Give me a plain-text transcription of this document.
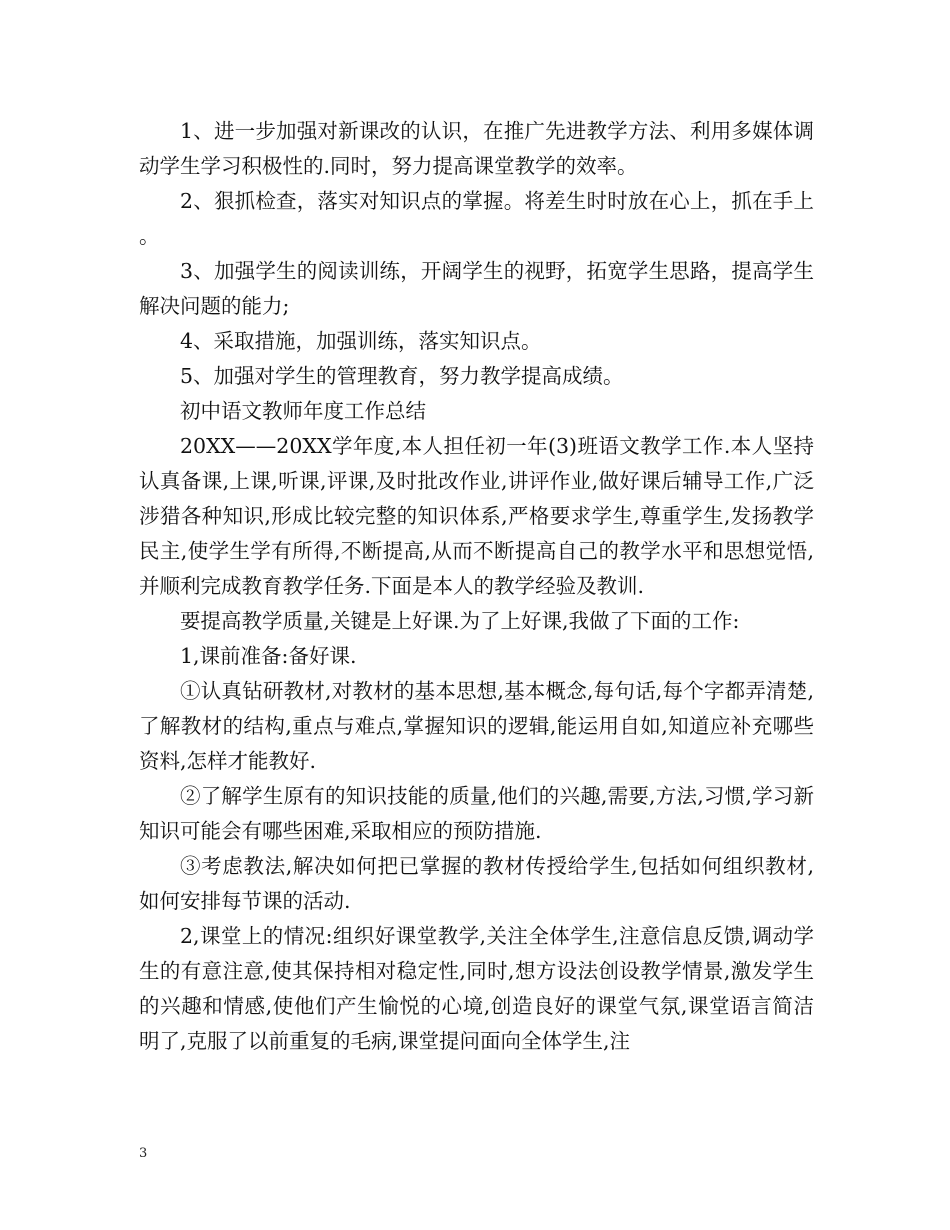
1、进一步加强对新课改的认识，在推广先进教学方法、利用多媒体调动学生学习积极性的.同时，努力提高课堂教学的效率。

2、狠抓检查，落实对知识点的掌握。将差生时时放在心上，抓在手上。

3、加强学生的阅读训练，开阔学生的视野，拓宽学生思路，提高学生解决问题的能力;

4、采取措施，加强训练，落实知识点。

5、加强对学生的管理教育，努力教学提高成绩。

初中语文教师年度工作总结

20XX——20XX学年度,本人担任初一年(3)班语文教学工作.本人坚持认真备课,上课,听课,评课,及时批改作业,讲评作业,做好课后辅导工作,广泛涉猎各种知识,形成比较完整的知识体系,严格要求学生,尊重学生,发扬教学民主,使学生学有所得,不断提高,从而不断提高自己的教学水平和思想觉悟,并顺利完成教育教学任务.下面是本人的教学经验及教训.

要提高教学质量,关键是上好课.为了上好课,我做了下面的工作:

1,课前准备:备好课.

①认真钻研教材,对教材的基本思想,基本概念,每句话,每个字都弄清楚,了解教材的结构,重点与难点,掌握知识的逻辑,能运用自如,知道应补充哪些资料,怎样才能教好.

②了解学生原有的知识技能的质量,他们的兴趣,需要,方法,习惯,学习新知识可能会有哪些困难,采取相应的预防措施.

③考虑教法,解决如何把已掌握的教材传授给学生,包括如何组织教材,如何安排每节课的活动.

2,课堂上的情况:组织好课堂教学,关注全体学生,注意信息反馈,调动学生的有意注意,使其保持相对稳定性,同时,想方设法创设教学情景,激发学生的兴趣和情感,使他们产生愉悦的心境,创造良好的课堂气氛,课堂语言简洁明了,克服了以前重复的毛病,课堂提问面向全体学生,注

3
